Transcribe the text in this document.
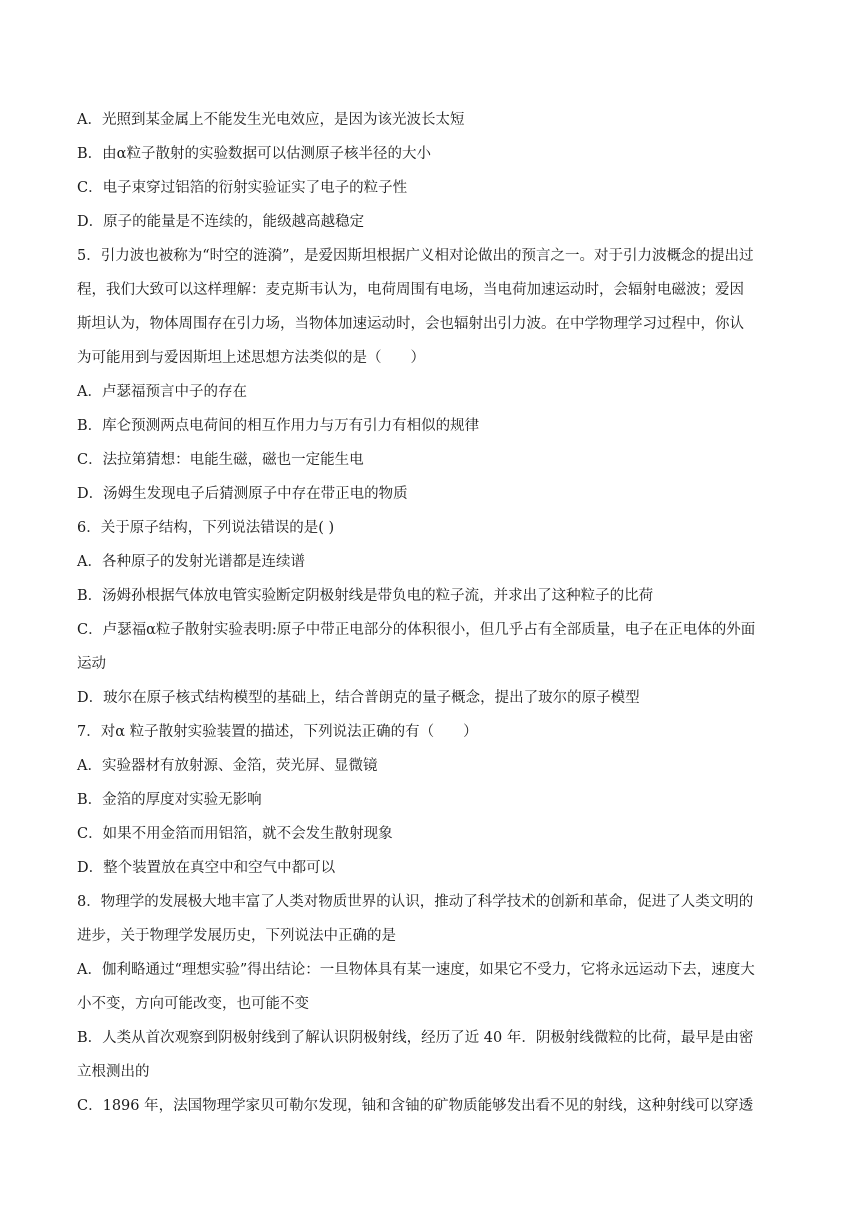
A．光照到某金属上不能发生光电效应，是因为该光波长太短
B．由α粒子散射的实验数据可以估测原子核半径的大小
C．电子束穿过铝箔的衍射实验证实了电子的粒子性
D．原子的能量是不连续的，能级越高越稳定
5．引力波也被称为“时空的涟漪”，是爱因斯坦根据广义相对论做出的预言之一。对于引力波概念的提出过
程，我们大致可以这样理解：麦克斯韦认为，电荷周围有电场，当电荷加速运动时，会辐射电磁波；爱因
斯坦认为，物体周围存在引力场，当物体加速运动时，会也辐射出引力波。在中学物理学习过程中，你认
为可能用到与爱因斯坦上述思想方法类似的是（　　）
A．卢瑟福预言中子的存在
B．库仑预测两点电荷间的相互作用力与万有引力有相似的规律
C．法拉第猜想：电能生磁，磁也一定能生电
D．汤姆生发现电子后猜测原子中存在带正电的物质
6．关于原子结构，下列说法错误的是( )
A．各种原子的发射光谱都是连续谱
B．汤姆孙根据气体放电管实验断定阴极射线是带负电的粒子流，并求出了这种粒子的比荷
C．卢瑟福α粒子散射实验表明:原子中带正电部分的体积很小，但几乎占有全部质量，电子在正电体的外面
运动
D．玻尔在原子核式结构模型的基础上，结合普朗克的量子概念，提出了玻尔的原子模型
7．对α 粒子散射实验装置的描述，下列说法正确的有（　　）
A．实验器材有放射源、金箔，荧光屏、显微镜
B．金箔的厚度对实验无影响
C．如果不用金箔而用铝箔，就不会发生散射现象
D．整个装置放在真空中和空气中都可以
8．物理学的发展极大地丰富了人类对物质世界的认识，推动了科学技术的创新和革命，促进了人类文明的
进步，关于物理学发展历史，下列说法中正确的是
A．伽利略通过“理想实验”得出结论：一旦物体具有某一速度，如果它不受力，它将永远运动下去，速度大
小不变，方向可能改变，也可能不变
B．人类从首次观察到阴极射线到了解认识阴极射线，经历了近 40 年．阴极射线微粒的比荷，最早是由密
立根测出的
C．1896 年，法国物理学家贝可勒尔发现，铀和含铀的矿物质能够发出看不见的射线，这种射线可以穿透
